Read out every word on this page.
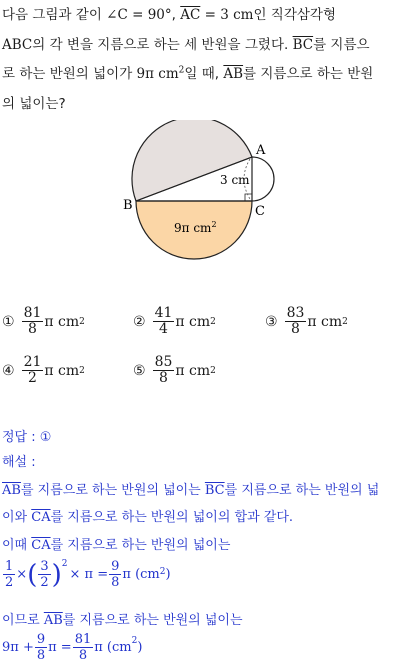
다음 그림과 같이 ∠C = 90°, $\overline{AC} = 3$ cm인 직각삼각형
ABC의 각 변을 지름으로 하는 세 반원을 그렸다. $\overline{BC}$를 지름으
로 하는 반원의 넓이가 9π $cm^2$일 때, $\overline{AB}$를 지름으로 하는 반원
의 넓이는?
A
B	C
3 cm
9π $cm^2$
① $\frac{81}{8}$ π cm 2	② $\frac{41}{4}$ π cm 2	③ $\frac{83}{8}$ π cm 2
④ $\frac{21}{2}$ π cm 2	⑤ $\frac{85}{8}$ π cm 2
정답 : ①
해설 :
$\overline{AB}$를 지름으로 하는 반원의 넓이는 $\overline{BC}$를 지름으로 하는 반원의 넓
이와 $\overline{CA}$를 지름으로 하는 반원의 넓이의 합과 같다.
이때 $\overline{CA}$를 지름으로 하는 반원의 넓이는
$\frac{1}{2}$ × ( $\frac{3}{2}$ ) 2
× $\pi = \frac{9}{8}$ π (cm 2 )
이므로 $\overline{AB}$를 지름으로 하는 반원의 넓이는
$9\pi + \frac{9}{8}$ $\pi = \frac{81}{8}$ π (cm 2 )
